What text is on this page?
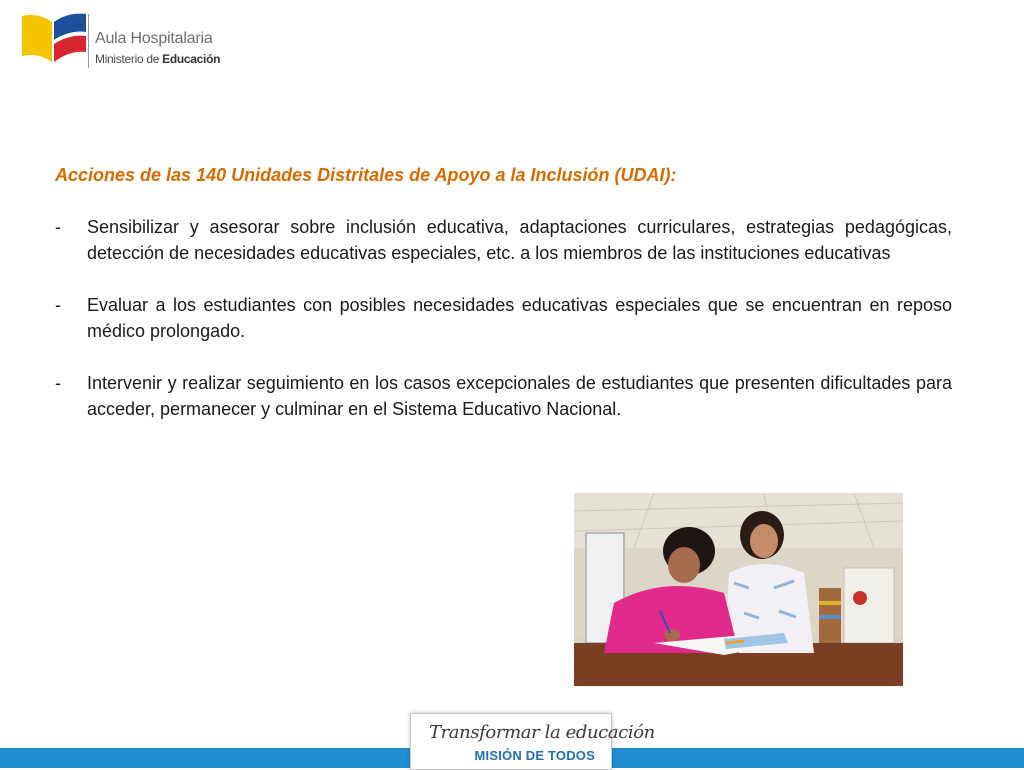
Aula Hospitalaria
Ministerio de Educación

Acciones de las 140 Unidades Distritales de Apoyo a la Inclusión (UDAI):

- Sensibilizar y asesorar sobre inclusión educativa, adaptaciones curriculares, estrategias pedagógicas, detección de necesidades educativas especiales, etc. a los miembros de las instituciones educativas
- Evaluar a los estudiantes con posibles necesidades educativas especiales que se encuentran en reposo médico prolongado.
- Intervenir y realizar seguimiento en los casos excepcionales de estudiantes que presenten dificultades para acceder, permanecer y culminar en el Sistema Educativo Nacional.
Transformar la educación
MISIÓN DE TODOS
